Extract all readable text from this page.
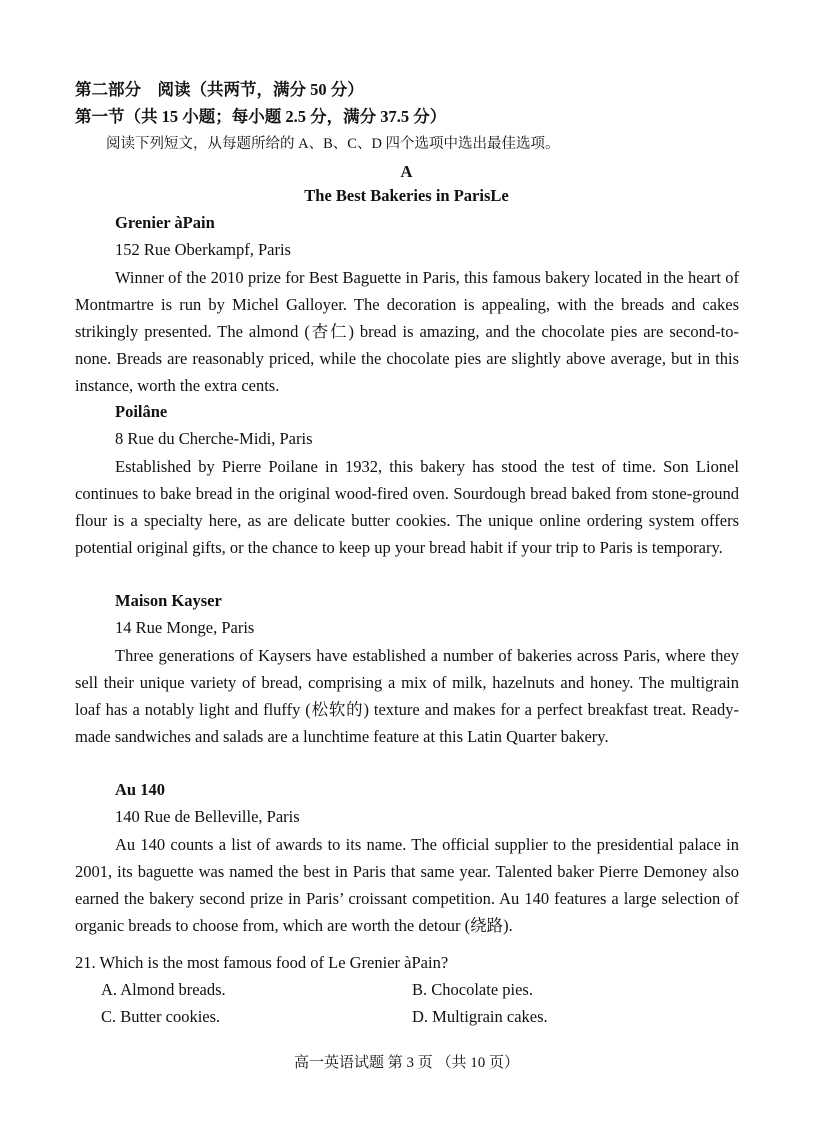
第二部分　阅读（共两节，满分 50 分）
第一节（共 15 小题；每小题 2.5 分，满分 37.5 分）
阅读下列短文，从每题所给的 A、B、C、D 四个选项中选出最佳选项。
A
The Best Bakeries in ParisLe
Grenier àPain
152 Rue Oberkampf, Paris
Winner of the 2010 prize for Best Baguette in Paris, this famous bakery located in the heart of Montmartre is run by Michel Galloyer. The decoration is appealing, with the breads and cakes strikingly presented. The almond (杏仁) bread is amazing, and the chocolate pies are second-to-none. Breads are reasonably priced, while the chocolate pies are slightly above average, but in this instance, worth the extra cents.
Poilâne
8 Rue du Cherche-Midi, Paris
Established by Pierre Poilane in 1932, this bakery has stood the test of time. Son Lionel continues to bake bread in the original wood-fired oven. Sourdough bread baked from stone-ground flour is a specialty here, as are delicate butter cookies. The unique online ordering system offers potential original gifts, or the chance to keep up your bread habit if your trip to Paris is temporary.
Maison Kayser
14 Rue Monge, Paris
Three generations of Kaysers have established a number of bakeries across Paris, where they sell their unique variety of bread, comprising a mix of milk, hazelnuts and honey. The multigrain loaf has a notably light and fluffy (松软的) texture and makes for a perfect breakfast treat. Ready-made sandwiches and salads are a lunchtime feature at this Latin Quarter bakery.
Au 140
140 Rue de Belleville, Paris
Au 140 counts a list of awards to its name. The official supplier to the presidential palace in 2001, its baguette was named the best in Paris that same year. Talented baker Pierre Demoney also earned the bakery second prize in Paris’ croissant competition. Au 140 features a large selection of organic breads to choose from, which are worth the detour (绕路).
21. Which is the most famous food of Le Grenier àPain?
A. Almond breads.	B. Chocolate pies.
C. Butter cookies.	D. Multigrain cakes.
高一英语试题 第 3 页 （共 10 页）
